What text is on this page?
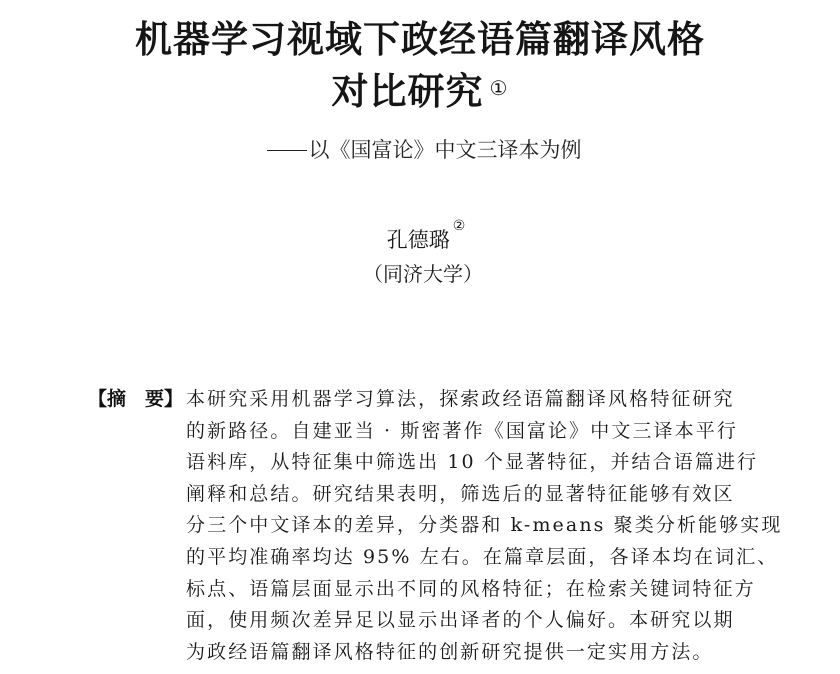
机器学习视域下政经语篇翻译风格
对比研究 ①
以《国富论》中文三译本为例
孔德璐②
（同济大学）
【摘　要】 本研究采用机器学习算法，探索政经语篇翻译风格特征研究
的新路径。自建亚当 · 斯密著作《国富论》中文三译本平行
语料库，从特征集中筛选出 10 个显著特征，并结合语篇进行
阐释和总结。研究结果表明，筛选后的显著特征能够有效区
分三个中文译本的差异，分类器和 k-means 聚类分析能够实现
的平均准确率均达 95% 左右。在篇章层面，各译本均在词汇、
标点、语篇层面显示出不同的风格特征；在检索关键词特征方
面，使用频次差异足以显示出译者的个人偏好。本研究以期
为政经语篇翻译风格特征的创新研究提供一定实用方法。
